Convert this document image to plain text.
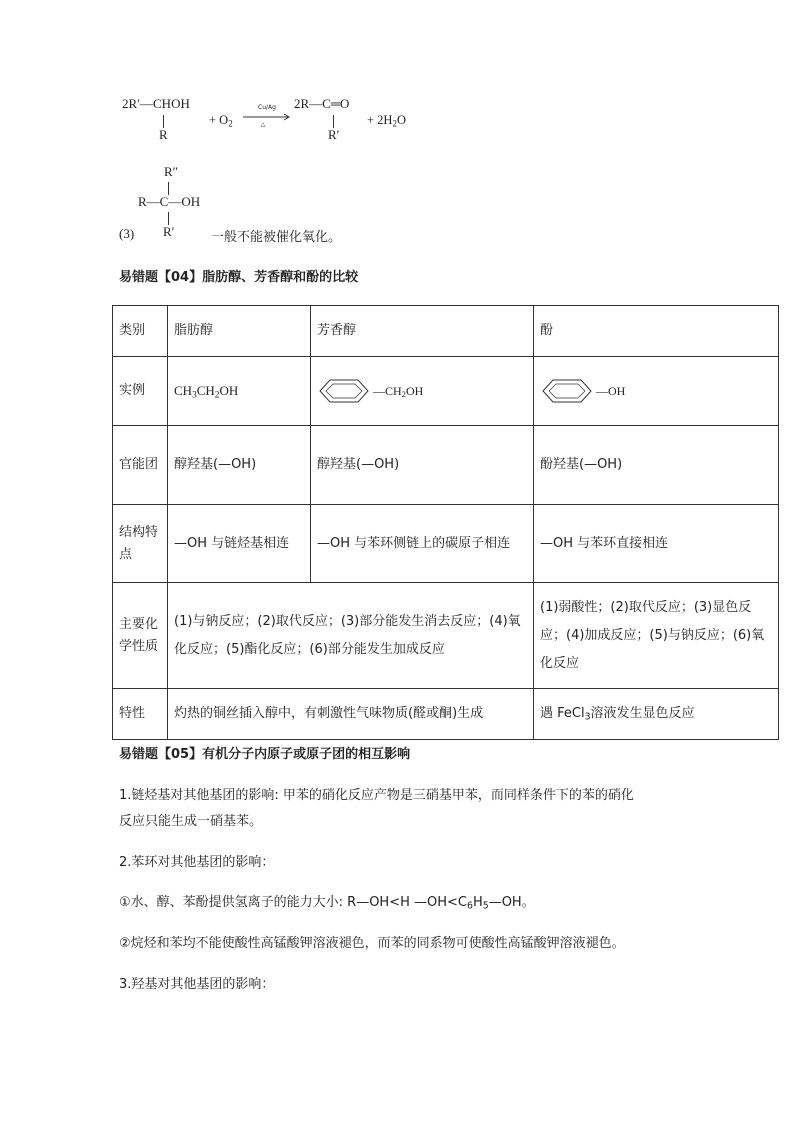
2R′—CHOH
R
+ $O_2$
Cu/Ag
△
2R—C═O
R′
+ $2H_2O$
R″
R—C—OH
(3) R′	一般不能被催化氧化。
易错题【04】脂肪醇、芳香醇和酚的比较
类别	脂肪醇	芳香醇	酚
实例	$CH_3CH_2OH$	$—CH_2OH$	—OH

官能团	醇羟基(—OH)	醇羟基(—OH)	酚羟基(—OH)
结构特点	—OH 与链烃基相连	—OH 与苯环侧链上的碳原子相连	—OH 与苯环直接相连
主要化学性质	(1)与钠反应；(2)取代反应；(3)部分能发生消去反应；(4)氧化反应；(5)酯化反应；(6)部分能发生加成反应		(1)弱酸性；(2)取代反应；(3)显色反应；(4)加成反应；(5)与钠反应；(6)氧化反应
特性	灼热的铜丝插入醇中，有刺激性气味物质(醛或酮)生成		遇 FeCl$_3$溶液发生显色反应
易错题【05】有机分子内原子或原子团的相互影响
1.链烃基对其他基团的影响: 甲苯的硝化反应产物是三硝基甲苯，而同样条件下的苯的硝化
反应只能生成一硝基苯。
2.苯环对其他基团的影响：
①水、醇、苯酚提供氢离子的能力大小: R—OH<H $—OH<C_6H_5—OH$。
②烷烃和苯均不能使酸性高锰酸钾溶液褪色，而苯的同系物可使酸性高锰酸钾溶液褪色。
3.羟基对其他基团的影响：
